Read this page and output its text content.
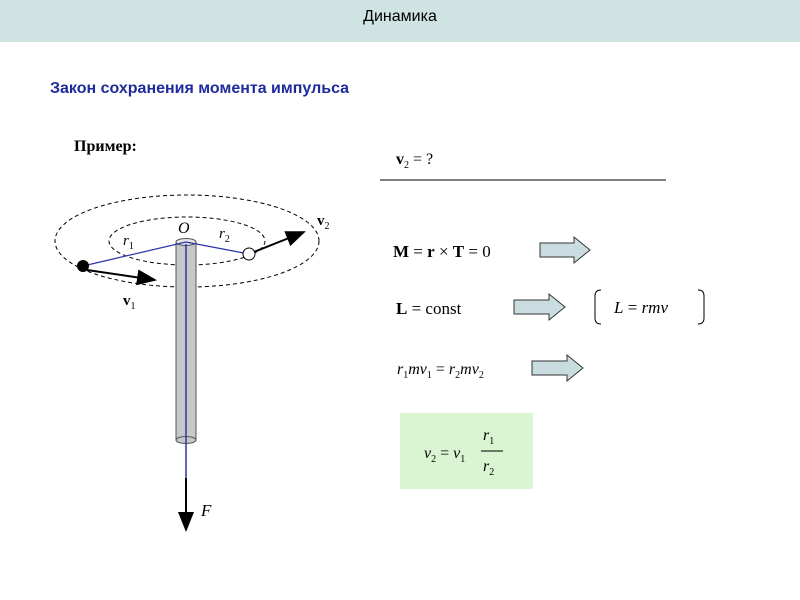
Динамика
Закон сохранения момента импульса
Пример:
O
$r_1$
$r_2$
$v_1$
$v_2$
F
$v_2$ = ?
M = r × T = 0
L = const	L = rmv
$r_1mv_1 = r_2mv_2$
$v_2 = v_1$
$r_1$
$r_2$
